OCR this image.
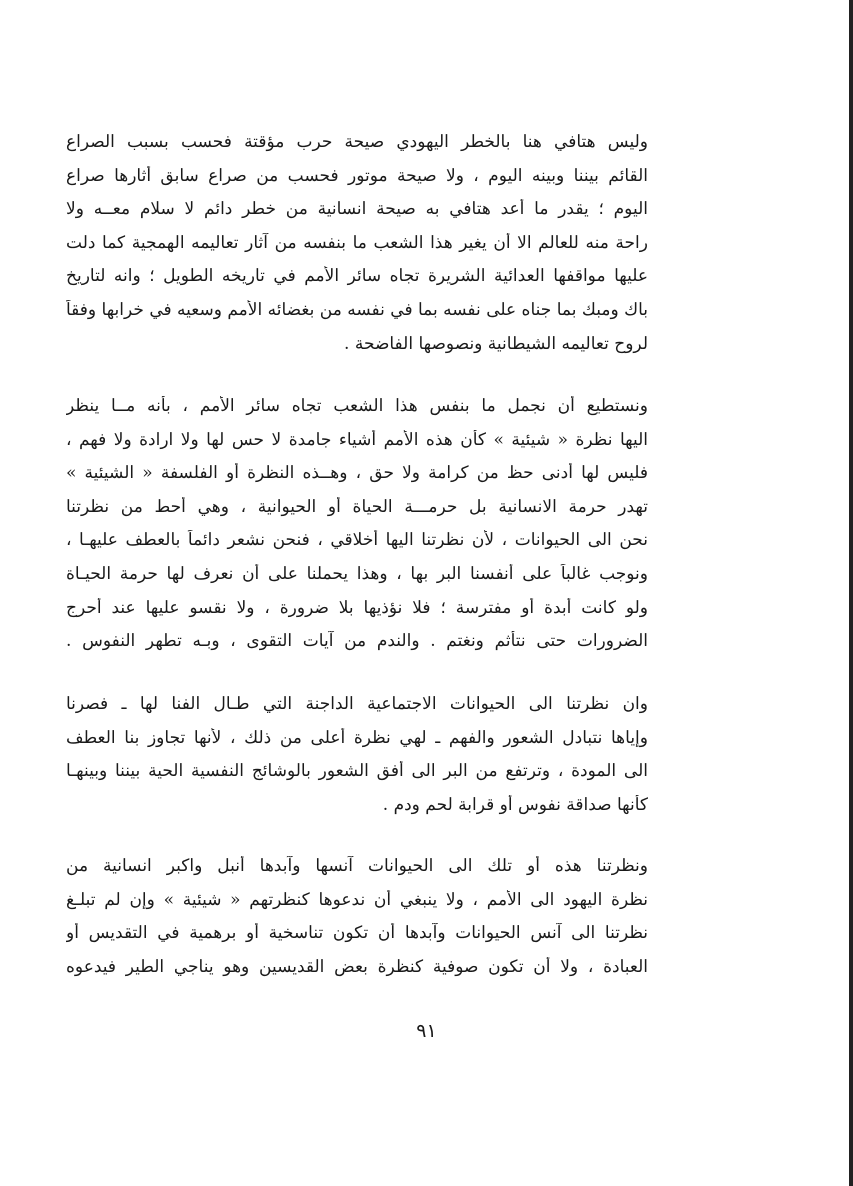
وليس هتافي هنا بالخطر اليهودي صيحة حرب مؤقتة فحسب بسبب الصراع
القائم بيننا وبينه اليوم ، ولا صيحة موتور فحسب من صراع سابق أثارها صراع
اليوم ؛ يقدر ما أعد هتافي به صيحة انسانية من خطر دائم لا سلام معــه ولا
راحة منه للعالم الا أن يغير هذا الشعب ما بنفسه من آثار تعاليمه الهمجية كما دلت
عليها مواقفها العدائية الشريرة تجاه سائر الأمم في تاريخه الطويل ؛ وانه لتاريخ
باك ومبك بما جناه على نفسه بما في نفسه من بغضائه الأمم وسعيه في خرابها وفقاً
لروح تعاليمه الشيطانية ونصوصها الفاضحة .
ونستطيع أن نجمل ما بنفس هذا الشعب تجاه سائر الأمم ، بأنه مــا ينظر
اليها نظرة « شيئية » كأن هذه الأمم أشياء جامدة لا حس لها ولا ارادة ولا فهم ،
فليس لها أدنى حظ من كرامة ولا حق ، وهــذه النظرة أو الفلسفة « الشيئية »
تهدر حرمة الانسانية بل حرمـــة الحياة أو الحيوانية ، وهي أحط من نظرتنا
نحن الى الحيوانات ، لأن نظرتنا اليها أخلاقي ، فنحن نشعر دائماً بالعطف عليهـا ،
ونوجب غالباً على أنفسنا البر بها ، وهذا يحملنا على أن نعرف لها حرمة الحيـاة
ولو كانت أبدة أو مفترسة ؛ فلا نؤذيها بلا ضرورة ، ولا نقسو عليها عند أحرج
الضرورات حتى نتأثم ونغتم . والندم من آيات التقوى ، وبـه تطهر النفوس .
وان نظرتنا الى الحيوانات الاجتماعية الداجنة التي طـال الفنا لها ـ فصرنا
وإياها نتبادل الشعور والفهم ـ لهي نظرة أعلى من ذلك ، لأنها تجاوز بنا العطف
الى المودة ، وترتفع من البر الى أفق الشعور بالوشائج النفسية الحية بيننا وبينهـا
كأنها صداقة نفوس أو قرابة لحم ودم .
ونظرتنا هذه أو تلك الى الحيوانات آنسها وآبدها أنبل واكبر انسانية من
نظرة اليهود الى الأمم ، ولا ينبغي أن ندعوها كنظرتهم « شيئية » وإن لم تبلـغ
نظرتنا الى آنس الحيوانات وآبدها أن تكون تناسخية أو برهمية في التقديس أو
العبادة ، ولا أن تكون صوفية كنظرة بعض القديسين وهو يناجي الطير فيدعوه
٩١
